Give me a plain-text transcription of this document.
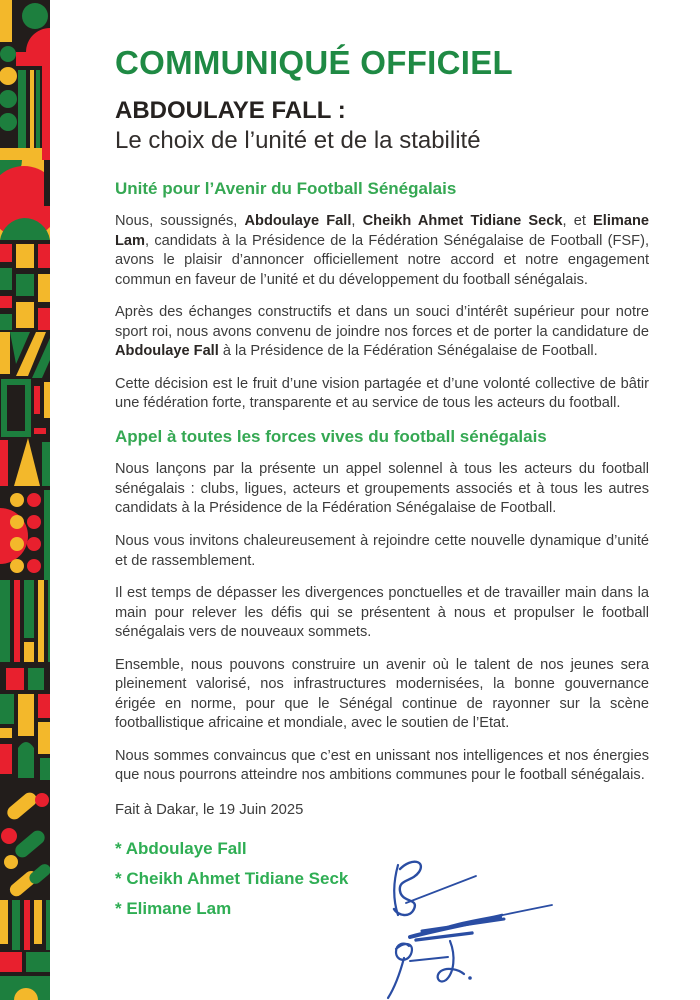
COMMUNIQUÉ OFFICIEL
ABDOULAYE FALL :
Le choix de l’unité et de la stabilité
Unité pour l’Avenir du Football Sénégalais

Nous, soussignés, Abdoulaye Fall, Cheikh Ahmet Tidiane Seck, et Elimane Lam, candidats à la Présidence de la Fédération Sénégalaise de Football (FSF), avons le plaisir d’annoncer officiellement notre accord et notre engagement commun en faveur de l’unité et du développement du football sénégalais.

Après des échanges constructifs et dans un souci d’intérêt supérieur pour notre sport roi, nous avons convenu de joindre nos forces et de porter la candidature de Abdoulaye Fall à la Présidence de la Fédération Sénégalaise de Football.

Cette décision est le fruit d’une vision partagée et d’une volonté collective de bâtir une fédération forte, transparente et au service de tous les acteurs du football.

Appel à toutes les forces vives du football sénégalais

Nous lançons par la présente un appel solennel à tous les acteurs du football sénégalais : clubs, ligues, acteurs et groupements associés et à tous les autres candidats à la Présidence de la Fédération Sénégalaise de Football.

Nous vous invitons chaleureusement à rejoindre cette nouvelle dynamique d’unité et de rassemblement.

Il est temps de dépasser les divergences ponctuelles et de travailler main dans la main pour relever les défis qui se présentent à nous et propulser le football sénégalais vers de nouveaux sommets.

Ensemble, nous pouvons construire un avenir où le talent de nos jeunes sera pleinement valorisé, nos infrastructures modernisées, la bonne gouvernance érigée en norme, pour que le Sénégal continue de rayonner sur la scène footballistique africaine et mondiale, avec le soutien de l’Etat.

Nous sommes convaincus que c’est en unissant nos intelligences et nos énergies que nous pourrons atteindre nos ambitions communes pour le football sénégalais.

Fait à Dakar, le 19 Juin 2025
* Abdoulaye Fall
* Cheikh Ahmet Tidiane Seck
* Elimane Lam
